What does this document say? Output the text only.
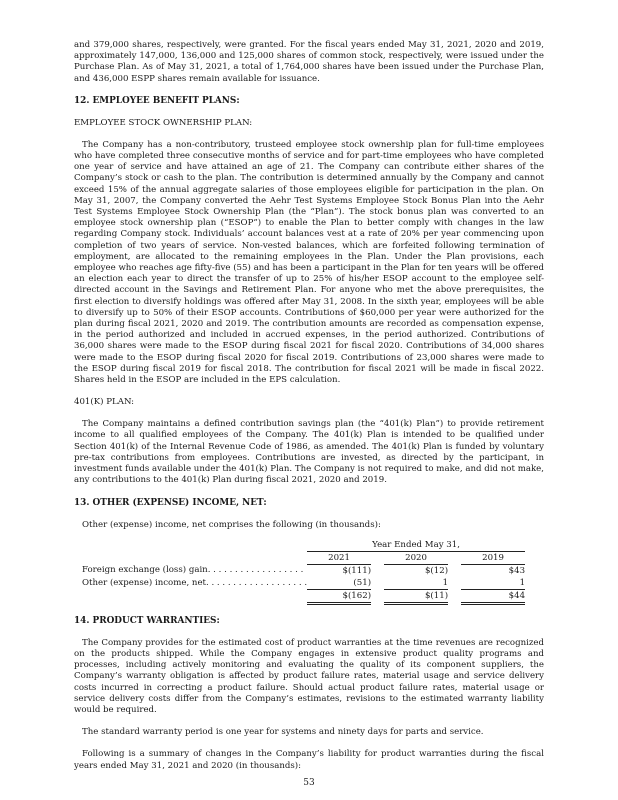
and 379,000 shares, respectively, were granted. For the fiscal years ended May 31, 2021, 2020 and 2019, approximately 147,000, 136,000 and 125,000 shares of common stock, respectively, were issued under the Purchase Plan. As of May 31, 2021, a total of 1,764,000 shares have been issued under the Purchase Plan, and 436,000 ESPP shares remain available for issuance.

12. EMPLOYEE BENEFIT PLANS:

EMPLOYEE STOCK OWNERSHIP PLAN:

The Company has a non-contributory, trusteed employee stock ownership plan for full-time employees who have completed three consecutive months of service and for part-time employees who have completed one year of service and have attained an age of 21. The Company can contribute either shares of the Company’s stock or cash to the plan. The contribution is determined annually by the Company and cannot exceed 15% of the annual aggregate salaries of those employees eligible for participation in the plan. On May 31, 2007, the Company converted the Aehr Test Systems Employee Stock Bonus Plan into the Aehr Test Systems Employee Stock Ownership Plan (the “Plan”). The stock bonus plan was converted to an employee stock ownership plan (“ESOP”) to enable the Plan to better comply with changes in the law regarding Company stock. Individuals’ account balances vest at a rate of 20% per year commencing upon completion of two years of service. Non-vested balances, which are forfeited following termination of employment, are allocated to the remaining employees in the Plan. Under the Plan provisions, each employee who reaches age fifty-five (55) and has been a participant in the Plan for ten years will be offered an election each year to direct the transfer of up to 25% of his/her ESOP account to the employee self-directed account in the Savings and Retirement Plan. For anyone who met the above prerequisites, the first election to diversify holdings was offered after May 31, 2008. In the sixth year, employees will be able to diversify up to 50% of their ESOP accounts. Contributions of $60,000 per year were authorized for the plan during fiscal 2021, 2020 and 2019. The contribution amounts are recorded as compensation expense, in the period authorized and included in accrued expenses, in the period authorized. Contributions of 36,000 shares were made to the ESOP during fiscal 2021 for fiscal 2020. Contributions of 34,000 shares were made to the ESOP during fiscal 2020 for fiscal 2019. Contributions of 23,000 shares were made to the ESOP during fiscal 2019 for fiscal 2018. The contribution for fiscal 2021 will be made in fiscal 2022. Shares held in the ESOP are included in the EPS calculation.

401(K) PLAN:

The Company maintains a defined contribution savings plan (the “401(k) Plan”) to provide retirement income to all qualified employees of the Company. The 401(k) Plan is intended to be qualified under Section 401(k) of the Internal Revenue Code of 1986, as amended. The 401(k) Plan is funded by voluntary pre-tax contributions from employees. Contributions are invested, as directed by the participant, in investment funds available under the 401(k) Plan. The Company is not required to make, and did not make, any contributions to the 401(k) Plan during fiscal 2021, 2020 and 2019.

13. OTHER (EXPENSE) INCOME, NET:

Other (expense) income, net comprises the following (in thousands):

	Year Ended May 31,				
	2021		2020		2019
Foreign exchange (loss) gain. . . . . . . . . . . . . . . . . .	$(111)		$(12)		$43
Other (expense) income, net. . . . . . . . . . . . . . . . . . .	(51)		1		1
	$(162)		$(11)		$44
14. PRODUCT WARRANTIES:

The Company provides for the estimated cost of product warranties at the time revenues are recognized on the products shipped. While the Company engages in extensive product quality programs and processes, including actively monitoring and evaluating the quality of its component suppliers, the Company’s warranty obligation is affected by product failure rates, material usage and service delivery costs incurred in correcting a product failure. Should actual product failure rates, material usage or service delivery costs differ from the Company’s estimates, revisions to the estimated warranty liability would be required.

The standard warranty period is one year for systems and ninety days for parts and service.

Following is a summary of changes in the Company’s liability for product warranties during the fiscal years ended May 31, 2021 and 2020 (in thousands):

53
